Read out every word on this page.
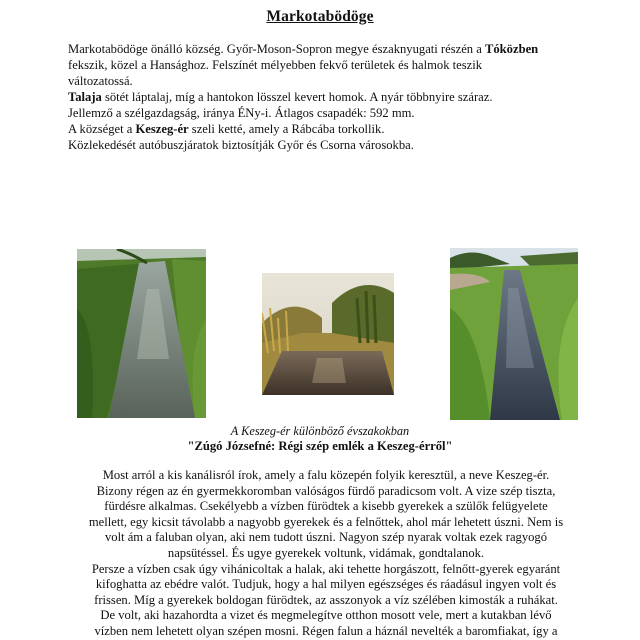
Markotabödöge

Markotabödöge önálló község. Győr-Moson-Sopron megye északnyugati részén a Tóközben

fekszik, közel a Hansághoz. Felszínét mélyebben fekvő területek és halmok teszik

változatossá.

Talaja sötét láptalaj, míg a hantokon lösszel kevert homok. A nyár többnyire száraz.

Jellemző a szélgazdagság, iránya ÉNy-i. Átlagos csapadék: 592 mm.

A községet a Keszeg-ér szeli ketté, amely a Rábcába torkollik.

Közlekedését autóbuszjáratok biztosítják Győr és Csorna városokba.

A Keszeg-ér különböző évszakokban
"Zúgó Józsefné: Régi szép emlék a Keszeg-érről"

Most arról a kis kanálisról írok, amely a falu közepén folyik keresztül, a neve Keszeg-ér.

Bizony régen az én gyermekkoromban valóságos fürdő paradicsom volt. A vize szép tiszta,

fürdésre alkalmas. Csekélyebb a vízben fürödtek a kisebb gyerekek a szülők felügyelete

mellett, egy kicsit távolabb a nagyobb gyerekek és a felnőttek, ahol már lehetett úszni. Nem is

volt ám a faluban olyan, aki nem tudott úszni. Nagyon szép nyarak voltak ezek ragyogó

napsütéssel. És ugye gyerekek voltunk, vidámak, gondtalanok.

Persze a vízben csak úgy vihánicoltak a halak, aki tehette horgászott, felnőtt-gyerek egyaránt

kifoghatta az ebédre valót. Tudjuk, hogy a hal milyen egészséges és ráadásul ingyen volt és

frissen. Míg a gyerekek boldogan fürödtek, az asszonyok a víz szélében kimosták a ruhákat.

De volt, aki hazahordta a vizet és megmelegítve otthon mosott vele, mert a kutakban lévő

vízben nem lehetett olyan szépen mosni. Régen falun a háznál nevelték a baromfiakat, így a
